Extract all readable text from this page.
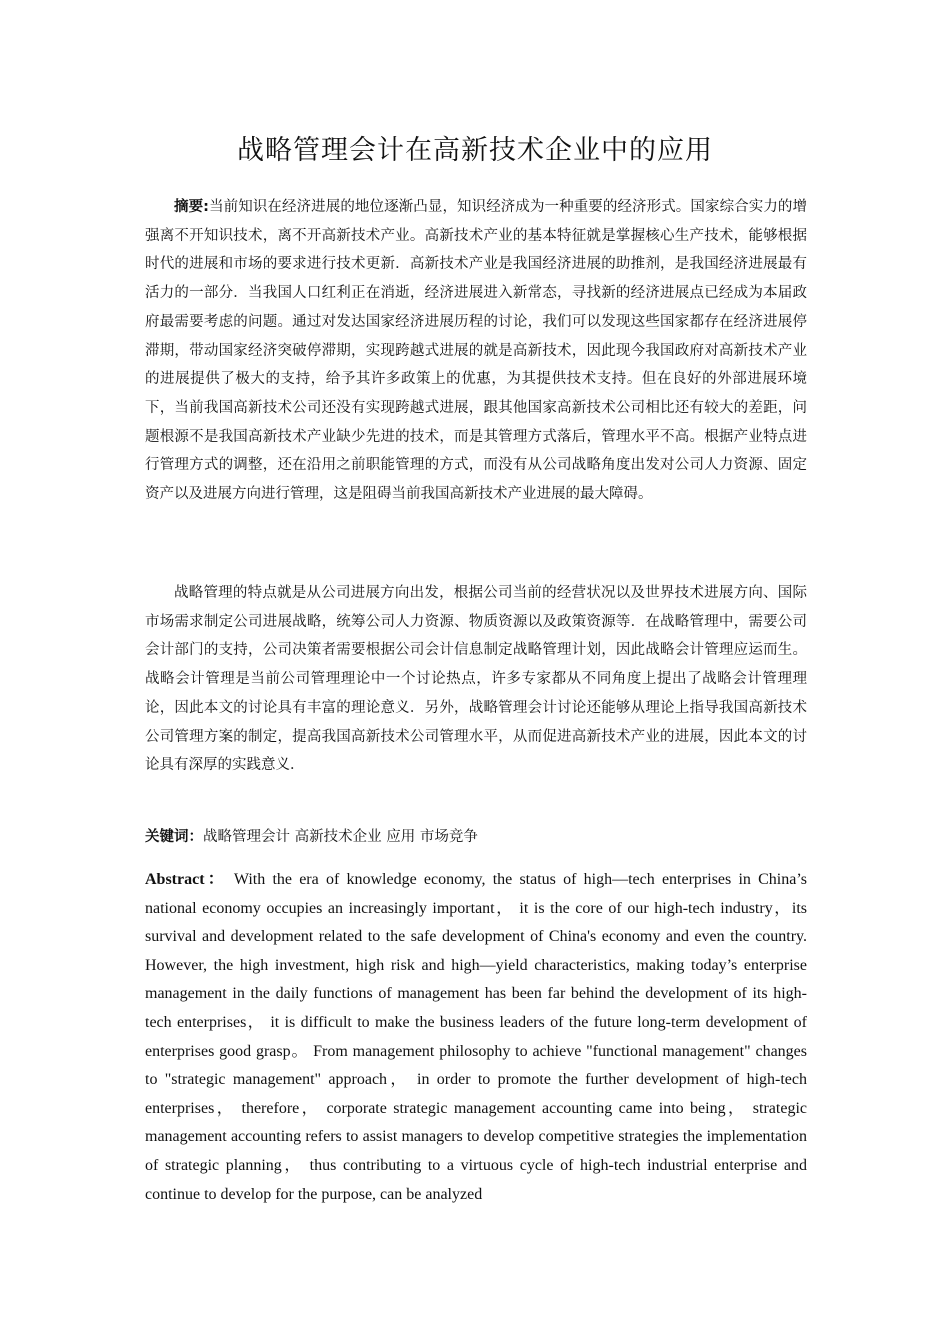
战略管理会计在高新技术企业中的应用

摘要:当前知识在经济进展的地位逐渐凸显，知识经济成为一种重要的经济形式。国家综合实力的增强离不开知识技术，离不开高新技术产业。高新技术产业的基本特征就是掌握核心生产技术，能够根据时代的进展和市场的要求进行技术更新．高新技术产业是我国经济进展的助推剂，是我国经济进展最有活力的一部分．当我国人口红利正在消逝，经济进展进入新常态，寻找新的经济进展点已经成为本届政府最需要考虑的问题。通过对发达国家经济进展历程的讨论，我们可以发现这些国家都存在经济进展停滞期，带动国家经济突破停滞期，实现跨越式进展的就是高新技术，因此现今我国政府对高新技术产业的进展提供了极大的支持，给予其许多政策上的优惠，为其提供技术支持。但在良好的外部进展环境下，当前我国高新技术公司还没有实现跨越式进展，跟其他国家高新技术公司相比还有较大的差距，问题根源不是我国高新技术产业缺少先进的技术，而是其管理方式落后，管理水平不高。根据产业特点进行管理方式的调整，还在沿用之前职能管理的方式，而没有从公司战略角度出发对公司人力资源、固定资产以及进展方向进行管理，这是阻碍当前我国高新技术产业进展的最大障碍。

战略管理的特点就是从公司进展方向出发，根据公司当前的经营状况以及世界技术进展方向、国际市场需求制定公司进展战略，统筹公司人力资源、物质资源以及政策资源等．在战略管理中，需要公司会计部门的支持，公司决策者需要根据公司会计信息制定战略管理计划，因此战略会计管理应运而生。战略会计管理是当前公司管理理论中一个讨论热点，许多专家都从不同角度上提出了战略会计管理理论，因此本文的讨论具有丰富的理论意义．另外，战略管理会计讨论还能够从理论上指导我国高新技术公司管理方案的制定，提高我国高新技术公司管理水平，从而促进高新技术产业的进展，因此本文的讨论具有深厚的实践意义．

关键词：战略管理会计 高新技术企业 应用 市场竞争

Abstract： With the era of knowledge economy, the status of high—tech enterprises in China’s national economy occupies an increasingly important， it is the core of our high-tech industry，its survival and development related to the safe development of China's economy and even the country. However, the high investment, high risk and high—yield characteristics, making today’s enterprise management in the daily functions of management has been far behind the development of its high-tech enterprises， it is difficult to make the business leaders of the future long-term development of enterprises good grasp。 From management philosophy to achieve "functional management" changes to "strategic management" approach， in order to promote the further development of high-tech enterprises， therefore， corporate strategic management accounting came into being， strategic management accounting refers to assist managers to develop competitive strategies the implementation of strategic planning， thus contributing to a virtuous cycle of high-tech industrial enterprise and continue to develop for the purpose, can be analyzed
